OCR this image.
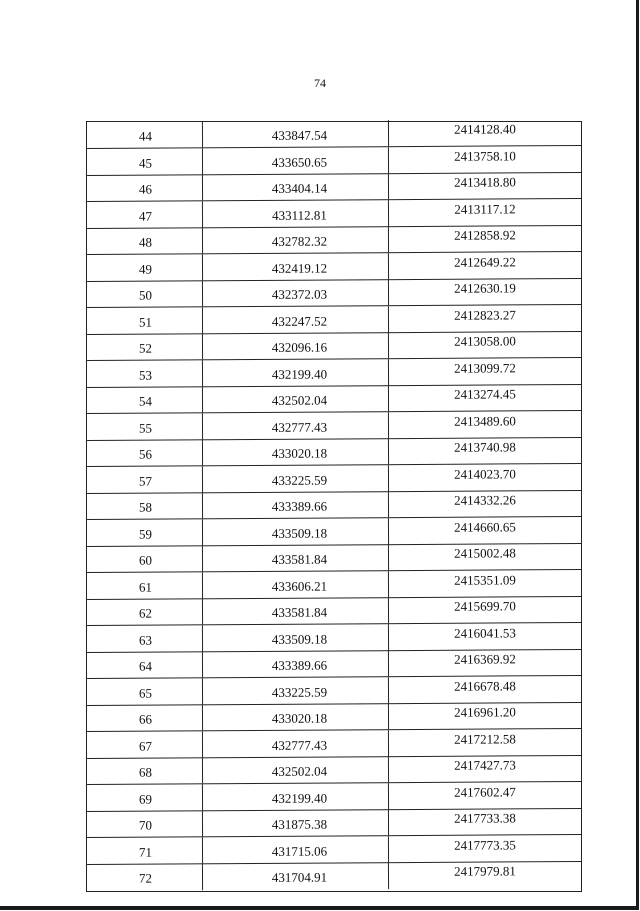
74
44	433847.54	2414128.40
45	433650.65	2413758.10
46	433404.14	2413418.80
47	433112.81	2413117.12
48	432782.32	2412858.92
49	432419.12	2412649.22
50	432372.03	2412630.19
51	432247.52	2412823.27
52	432096.16	2413058.00
53	432199.40	2413099.72
54	432502.04	2413274.45
55	432777.43	2413489.60
56	433020.18	2413740.98
57	433225.59	2414023.70
58	433389.66	2414332.26
59	433509.18	2414660.65
60	433581.84	2415002.48
61	433606.21	2415351.09
62	433581.84	2415699.70
63	433509.18	2416041.53
64	433389.66	2416369.92
65	433225.59	2416678.48
66	433020.18	2416961.20
67	432777.43	2417212.58
68	432502.04	2417427.73
69	432199.40	2417602.47
70	431875.38	2417733.38
71	431715.06	2417773.35
72	431704.91	2417979.81
